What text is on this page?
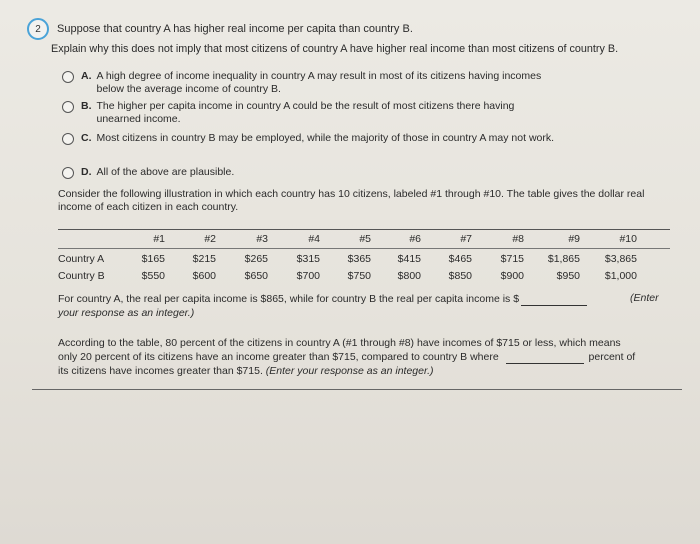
2	Suppose that country A has higher real income per capita than country B.
Explain why this does not imply that most citizens of country A have higher real income than most citizens of country B.
A. A high degree of income inequality in country A may result in most of its citizens having incomes below the average income of country B.
B. The higher per capita income in country A could be the result of most citizens there having unearned income.
C. Most citizens in country B may be employed, while the majority of those in country A may not work.
D. All of the above are plausible.
Consider the following illustration in which each country has 10 citizens, labeled #1 through #10. The table gives the dollar real income of each citizen in each country.
#1	#2	#3	#4	#5	#6	#7	#8	#9	#10
Country A	$165	$215	$265	$315	$365	$415	$465	$715 $1,865 $3,865
Country B	$550	$600	$650	$700	$750	$800	$850	$900	$950 $1,000
For country A, the real per capita income is $865, while for country B the real per capita income is $	(Enter
your response as an integer.)
According to the table, 80 percent of the citizens in country A (#1 through #8) have incomes of $715 or less, which means
only 20 percent of its citizens have an income greater than $715, compared to country B where	percent of
its citizens have incomes greater than $715. (Enter your response as an integer.)
